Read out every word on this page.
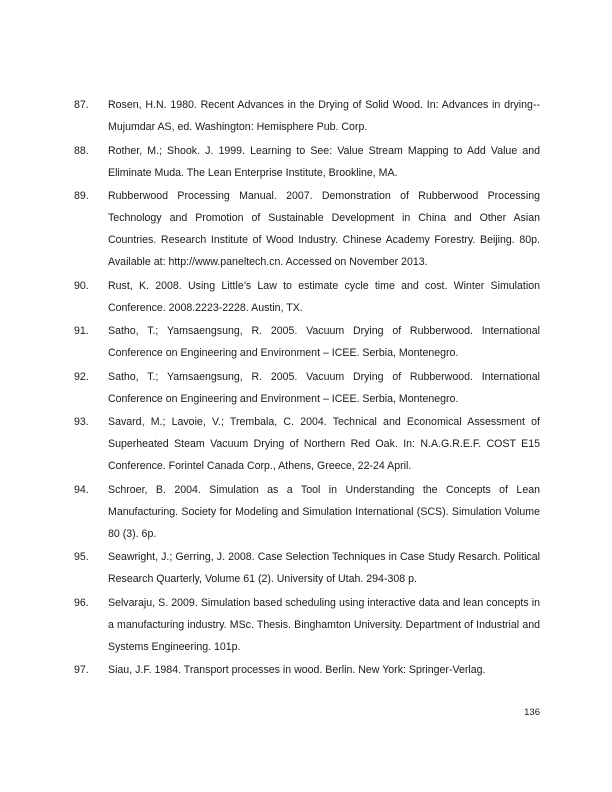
87. Rosen, H.N. 1980. Recent Advances in the Drying of Solid Wood. In: Advances in drying--Mujumdar AS, ed. Washington: Hemisphere Pub. Corp.
88. Rother, M.; Shook. J. 1999. Learning to See: Value Stream Mapping to Add Value and Eliminate Muda. The Lean Enterprise Institute, Brookline, MA.
89. Rubberwood Processing Manual. 2007. Demonstration of Rubberwood Processing Technology and Promotion of Sustainable Development in China and Other Asian Countries. Research Institute of Wood Industry. Chinese Academy Forestry. Beijing. 80p. Available at: http://www.paneltech.cn. Accessed on November 2013.
90. Rust, K. 2008. Using Little’s Law to estimate cycle time and cost. Winter Simulation Conference. 2008.2223-2228. Austin, TX.
91. Satho, T.; Yamsaengsung, R. 2005. Vacuum Drying of Rubberwood. International Conference on Engineering and Environment – ICEE. Serbia, Montenegro.
92. Satho, T.; Yamsaengsung, R. 2005. Vacuum Drying of Rubberwood. International Conference on Engineering and Environment – ICEE. Serbia, Montenegro.
93. Savard, M.; Lavoie, V.; Trembala, C. 2004. Technical and Economical Assessment of Superheated Steam Vacuum Drying of Northern Red Oak. In: N.A.G.R.E.F. COST E15 Conference. Forintel Canada Corp., Athens, Greece, 22-24 April.
94. Schroer, B. 2004. Simulation as a Tool in Understanding the Concepts of Lean Manufacturing. Society for Modeling and Simulation International (SCS). Simulation Volume 80 (3). 6p.
95. Seawright, J.; Gerring, J. 2008. Case Selection Techniques in Case Study Resarch. Political Research Quarterly, Volume 61 (2). University of Utah. 294-308 p.
96. Selvaraju, S. 2009. Simulation based scheduling using interactive data and lean concepts in a manufacturing industry. MSc. Thesis. Binghamton University. Department of Industrial and Systems Engineering. 101p.
97. Siau, J.F. 1984. Transport processes in wood. Berlin. New York: Springer-Verlag.
136
